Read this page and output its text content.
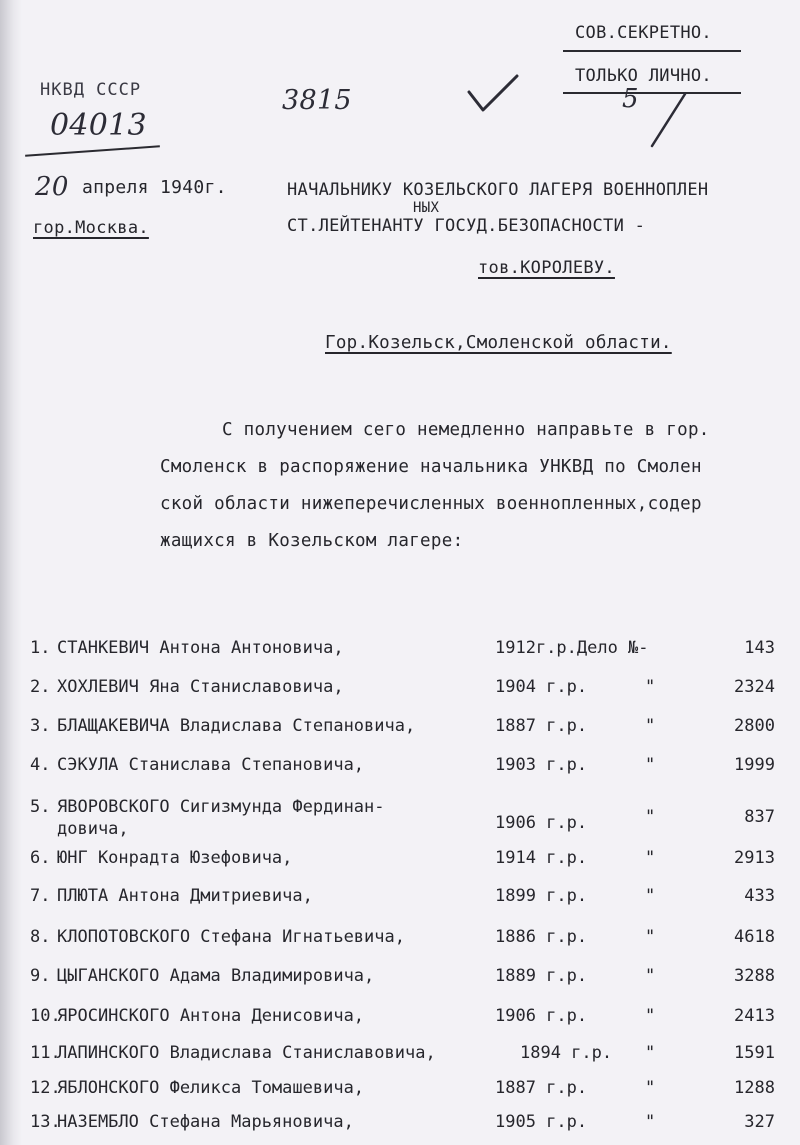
СОВ.СЕКРЕТНО.
ТОЛЬКО ЛИЧНО.
НКВД СССР
04013
3815	5
20 апреля 1940г.
гор.Москва.
НАЧАЛЬНИКУ КОЗЕЛЬСКОГО ЛАГЕРЯ ВОЕННОПЛЕН
НЫХ
СТ.ЛЕЙТЕНАНТУ ГОСУД.БЕЗОПАСНОСТИ -
тов.КОРОЛЕВУ.
Гор.Козельск,Смоленской области.
С получением сего немедленно направьте в гор.
Смоленск в распоряжение начальника УНКВД по Смолен
ской области нижеперечисленных военнопленных,содер
жащихся в Козельском лагере:
1. СТАНКЕВИЧ Антона Антоновича,	1912г.р.Дело №-	143
2. ХОХЛЕВИЧ Яна Станиславовича,	1904 г.р.	"	2324
3. БЛАЩАКЕВИЧА Владислава Степановича,	1887 г.р.	"	2800
4. СЭКУЛА Станислава Степановича,	1903 г.р.	"	1999
5. ЯВОРОВСКОГО Сигизмунда Фердинан-
довича,	1906 г.р.	"	837
6. ЮНГ Конрадта Юзефовича,	1914 г.р.	"	2913
7. ПЛЮТА Антона Дмитриевича,	1899 г.р.	"	433
8. КЛОПОТОВСКОГО Стефана Игнатьевича,	1886 г.р.	"	4618
9. ЦЫГАНСКОГО Адама Владимировича,	1889 г.р.	"	3288
10.
ЯРОСИНСКОГО Антона Денисовича,	1906 г.р.	"	2413
11.
ЛАПИНСКОГО Владислава Станиславовича,	1894 г.р. "	1591
12.
ЯБЛОНСКОГО Феликса Томашевича,	1887 г.р.	"	1288
13.
НАЗЕМБЛО Стефана Марьяновича,	1905 г.р.	"	327
